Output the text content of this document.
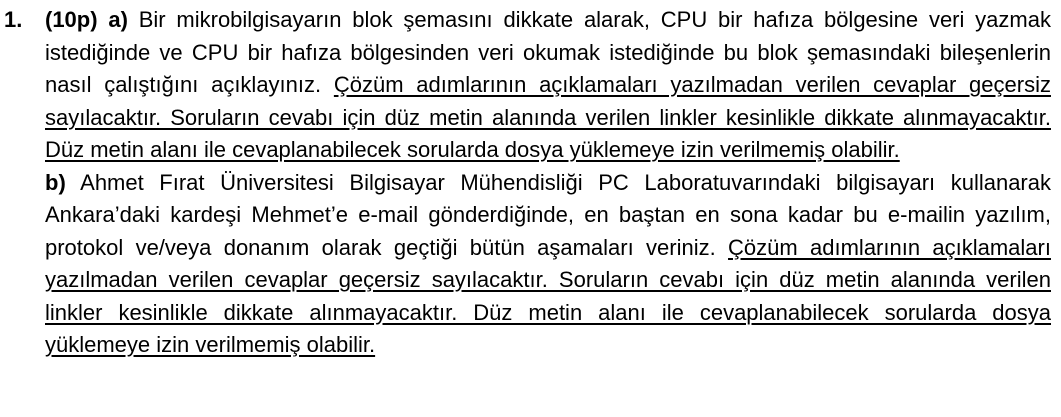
1. (10p) a) Bir mikrobilgisayarın blok şemasını dikkate alarak, CPU bir hafıza bölgesine veri yazmak istediğinde ve CPU bir hafıza bölgesinden veri okumak istediğinde bu blok şemasındaki bileşenlerin nasıl çalıştığını açıklayınız. Çözüm adımlarının açıklamaları yazılmadan verilen cevaplar geçersiz sayılacaktır. Soruların cevabı için düz metin alanında verilen linkler kesinlikle dikkate alınmayacaktır. Düz metin alanı ile cevaplanabilecek sorularda dosya yüklemeye izin verilmemiş olabilir.

b) Ahmet Fırat Üniversitesi Bilgisayar Mühendisliği PC Laboratuvarındaki bilgisayarı kullanarak Ankara’daki kardeşi Mehmet’e e-mail gönderdiğinde, en baştan en sona kadar bu e-mailin yazılım, protokol ve/veya donanım olarak geçtiği bütün aşamaları veriniz. Çözüm adımlarının açıklamaları yazılmadan verilen cevaplar geçersiz sayılacaktır. Soruların cevabı için düz metin alanında verilen linkler kesinlikle dikkate alınmayacaktır. Düz metin alanı ile cevaplanabilecek sorularda dosya yüklemeye izin verilmemiş olabilir.
